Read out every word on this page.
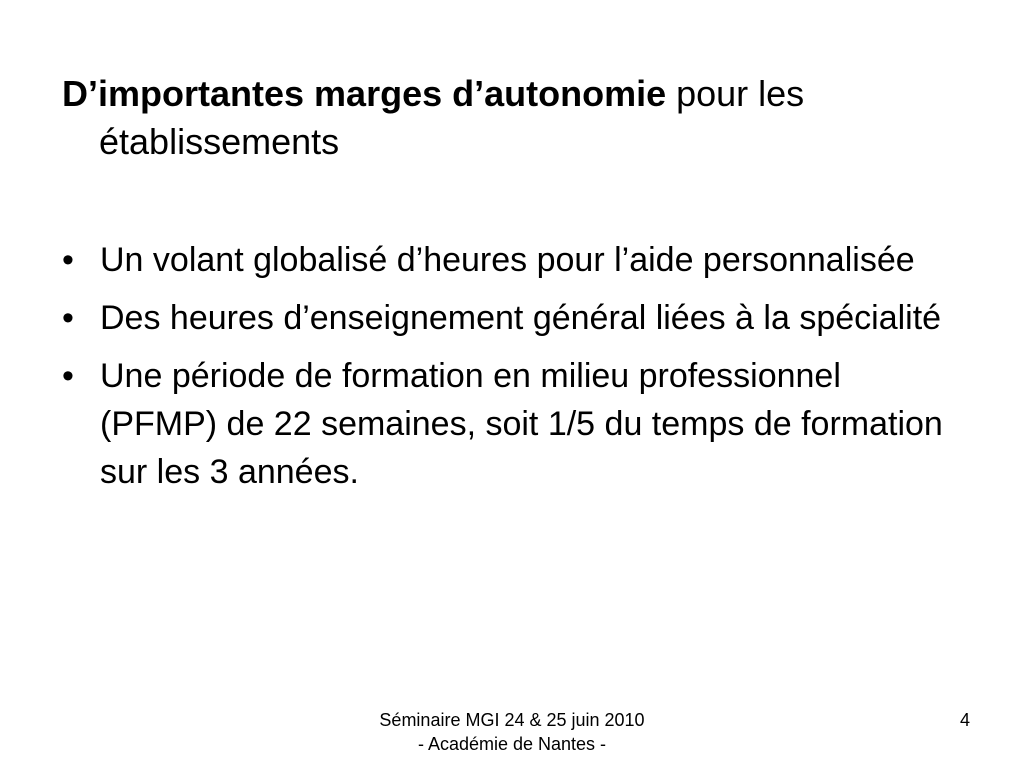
D’importantes marges d’autonomie pour les établissements

• Un volant globalisé d’heures pour l’aide personnalisée
• Des heures d’enseignement général liées à la spécialité
• Une période de formation en milieu professionnel (PFMP) de 22 semaines, soit 1/5 du temps de formation sur les 3 années.
Séminaire MGI 24 & 25 juin 2010
- Académie de Nantes -
4
